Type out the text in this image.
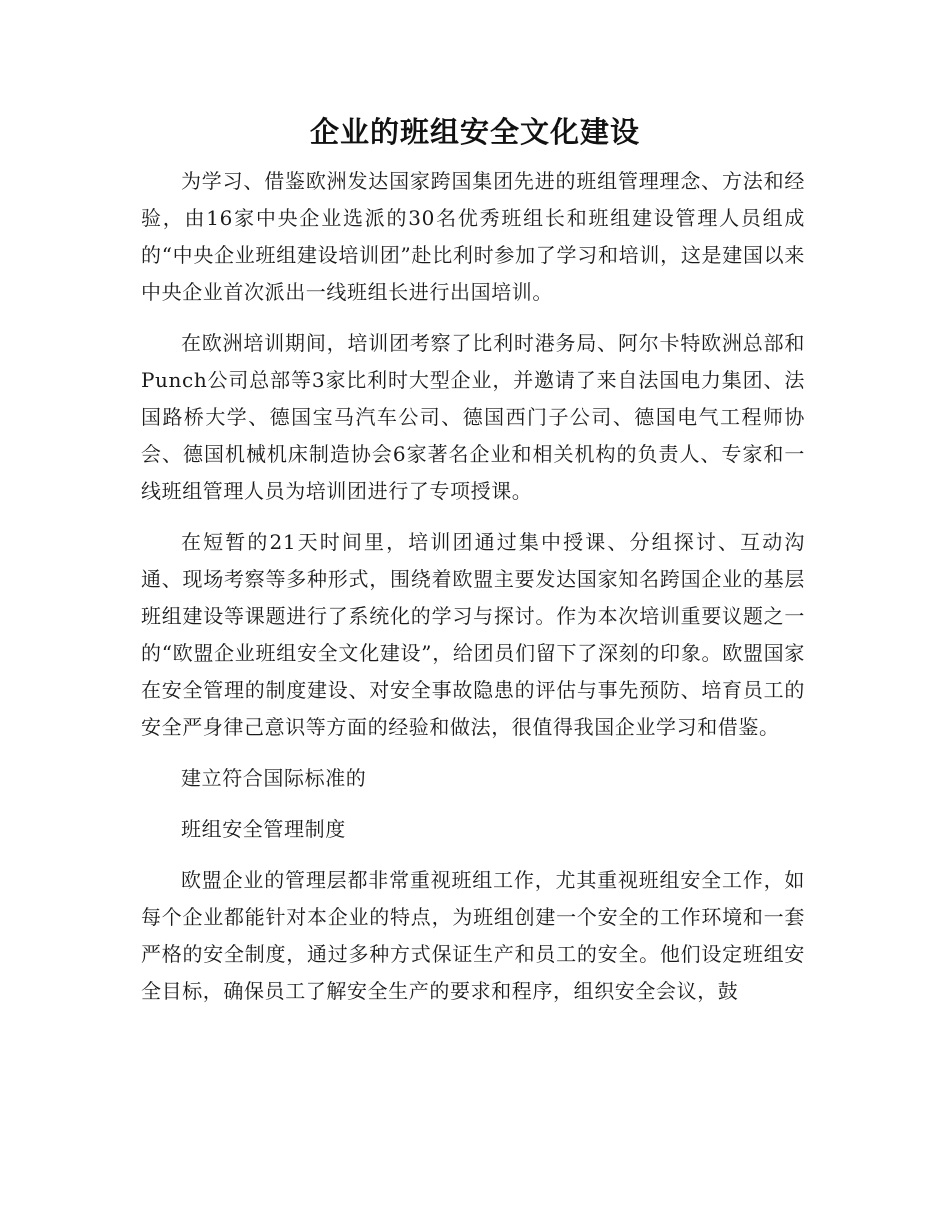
企业的班组安全文化建设

为学习、借鉴欧洲发达国家跨国集团先进的班组管理理念、方法和经验，由16家中央企业选派的30名优秀班组长和班组建设管理人员组成的“中央企业班组建设培训团”赴比利时参加了学习和培训，这是建国以来中央企业首次派出一线班组长进行出国培训。

在欧洲培训期间，培训团考察了比利时港务局、阿尔卡特欧洲总部和Punch公司总部等3家比利时大型企业，并邀请了来自法国电力集团、法国路桥大学、德国宝马汽车公司、德国西门子公司、德国电气工程师协会、德国机械机床制造协会6家著名企业和相关机构的负责人、专家和一线班组管理人员为培训团进行了专项授课。

在短暂的21天时间里，培训团通过集中授课、分组探讨、互动沟通、现场考察等多种形式，围绕着欧盟主要发达国家知名跨国企业的基层班组建设等课题进行了系统化的学习与探讨。作为本次培训重要议题之一的“欧盟企业班组安全文化建设”，给团员们留下了深刻的印象。欧盟国家在安全管理的制度建设、对安全事故隐患的评估与事先预防、培育员工的安全严身律己意识等方面的经验和做法，很值得我国企业学习和借鉴。

建立符合国际标准的

班组安全管理制度

欧盟企业的管理层都非常重视班组工作，尤其重视班组安全工作，如每个企业都能针对本企业的特点，为班组创建一个安全的工作环境和一套严格的安全制度，通过多种方式保证生产和员工的安全。他们设定班组安全目标，确保员工了解安全生产的要求和程序，组织安全会议，鼓
